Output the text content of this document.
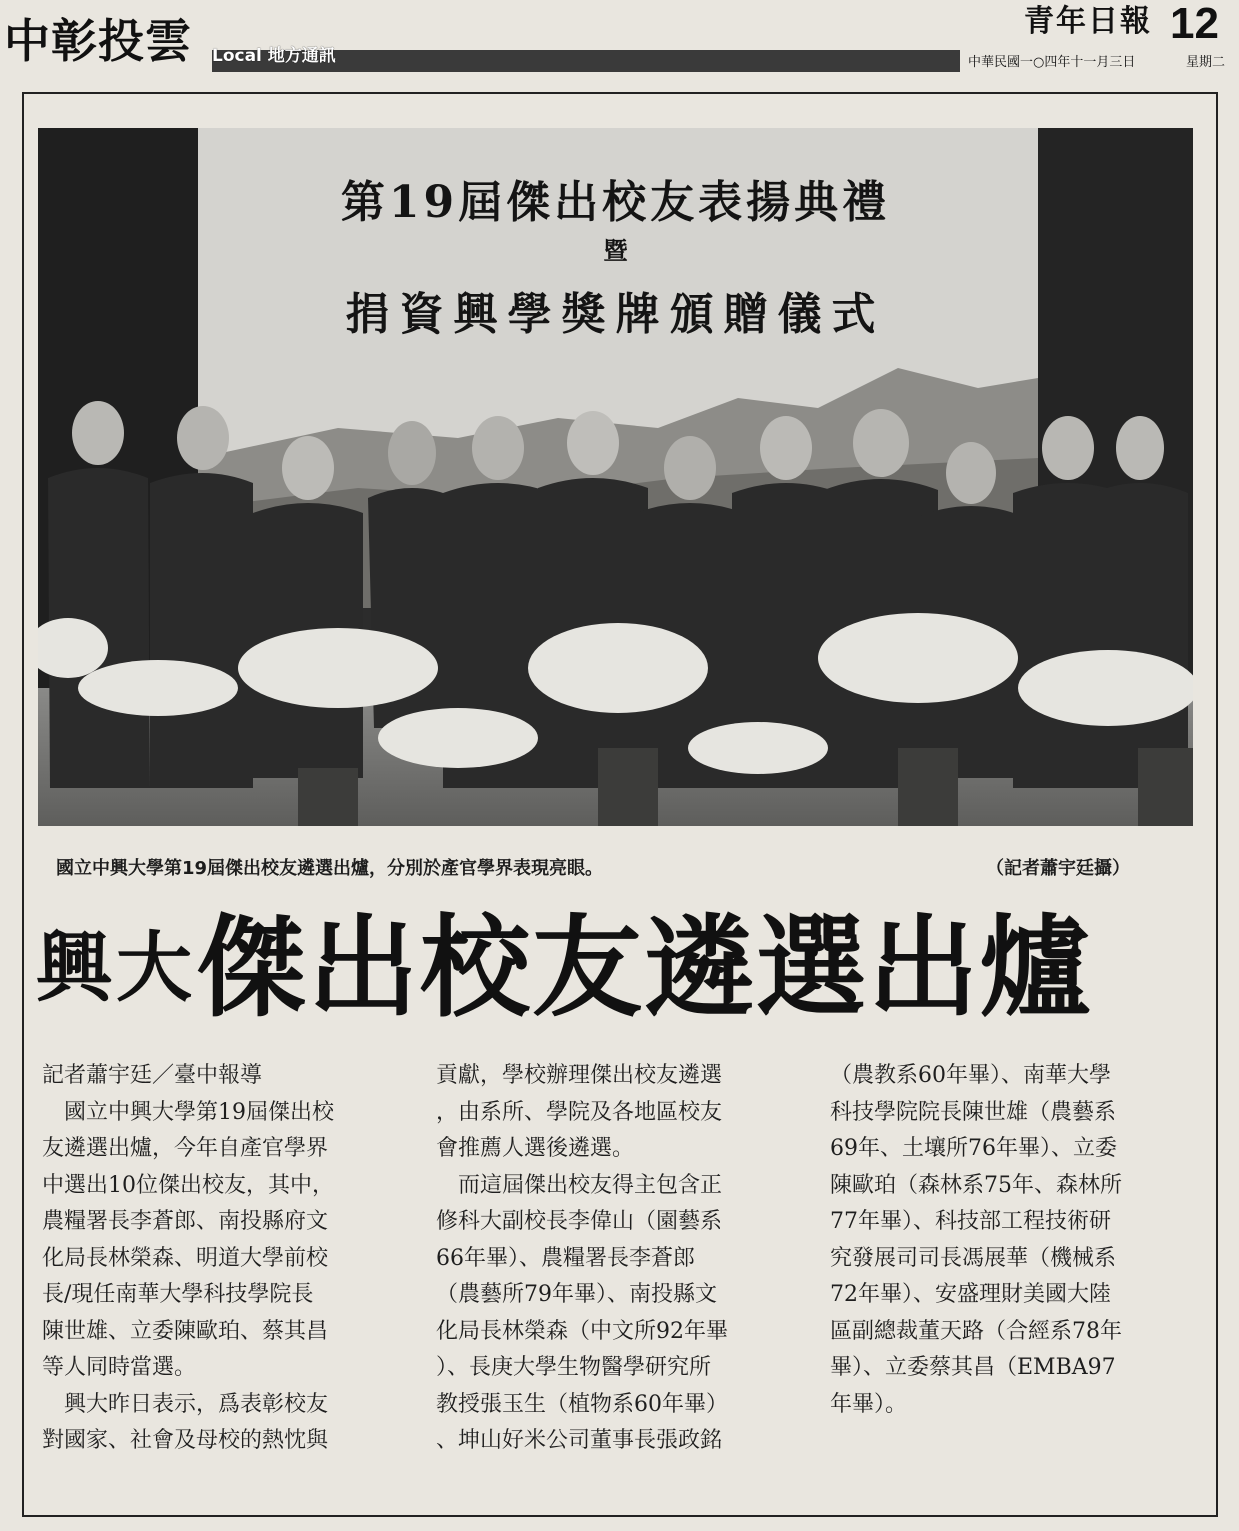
中彰投雲 Local 地方通訊
青年日報 12
中華民國一○四年十一月三日	星期二
第19屆傑出校友表揚典禮
暨
捐資興學獎牌頒贈儀式
國立中興大學第19屆傑出校友遴選出爐，分別於產官學界表現亮眼。	（記者蕭宇廷攝）
興大傑出校友遴選出爐

記者蕭宇廷／臺中報導

　國立中興大學第19屆傑出校

友遴選出爐，今年自產官學界

中選出10位傑出校友，其中，

農糧署長李蒼郎、南投縣府文

化局長林榮森、明道大學前校

長/現任南華大學科技學院長

陳世雄、立委陳歐珀、蔡其昌

等人同時當選。

　興大昨日表示，爲表彰校友

對國家、社會及母校的熱忱與

貢獻，學校辦理傑出校友遴選

，由系所、學院及各地區校友

會推薦人選後遴選。

　而這屆傑出校友得主包含正

修科大副校長李偉山（園藝系

66年畢）、農糧署長李蒼郎

（農藝所79年畢）、南投縣文

化局長林榮森（中文所92年畢

）、長庚大學生物醫學研究所

教授張玉生（植物系60年畢）

、坤山好米公司董事長張政銘

（農教系60年畢）、南華大學

科技學院院長陳世雄（農藝系

69年、土壤所76年畢）、立委

陳歐珀（森林系75年、森林所

77年畢）、科技部工程技術研

究發展司司長馮展華（機械系

72年畢）、安盛理財美國大陸

區副總裁董天路（合經系78年

畢）、立委蔡其昌（EMBA97

年畢）。
